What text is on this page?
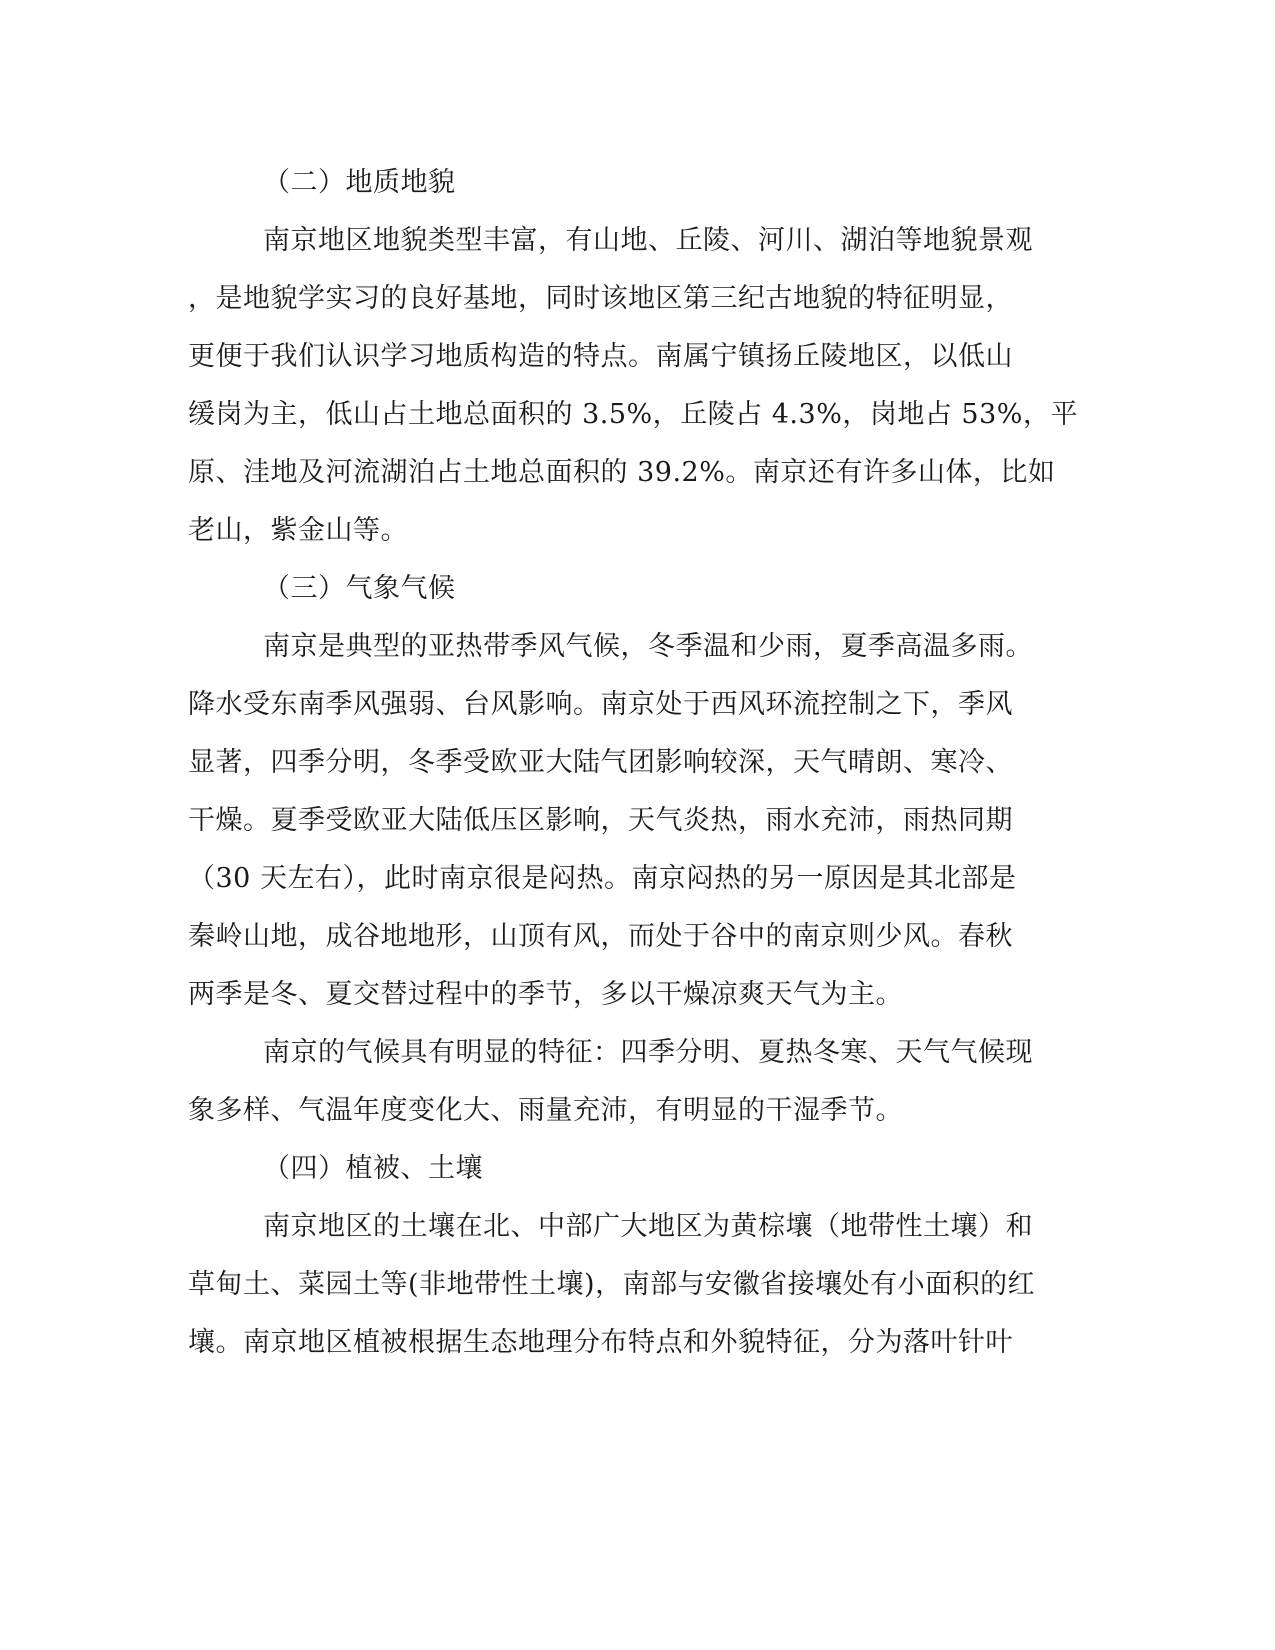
（二）地质地貌
南京地区地貌类型丰富，有山地、丘陵、河川、湖泊等地貌景观
，是地貌学实习的良好基地，同时该地区第三纪古地貌的特征明显，
更便于我们认识学习地质构造的特点。南属宁镇扬丘陵地区，以低山
缓岗为主，低山占土地总面积的 3.5%，丘陵占 4.3%，岗地占 53%，平
原、洼地及河流湖泊占土地总面积的 39.2%。南京还有许多山体，比如
老山，紫金山等。
（三）气象气候
南京是典型的亚热带季风气候，冬季温和少雨，夏季高温多雨。
降水受东南季风强弱、台风影响。南京处于西风环流控制之下，季风
显著，四季分明，冬季受欧亚大陆气团影响较深，天气晴朗、寒冷、
干燥。夏季受欧亚大陆低压区影响，天气炎热，雨水充沛，雨热同期
（30 天左右），此时南京很是闷热。南京闷热的另一原因是其北部是
秦岭山地，成谷地地形，山顶有风，而处于谷中的南京则少风。春秋
两季是冬、夏交替过程中的季节，多以干燥凉爽天气为主。
南京的气候具有明显的特征：四季分明、夏热冬寒、天气气候现
象多样、气温年度变化大、雨量充沛，有明显的干湿季节。
（四）植被、土壤
南京地区的土壤在北、中部广大地区为黄棕壤（地带性土壤）和
草甸土、菜园土等(非地带性土壤)，南部与安徽省接壤处有小面积的红
壤。南京地区植被根据生态地理分布特点和外貌特征，分为落叶针叶
